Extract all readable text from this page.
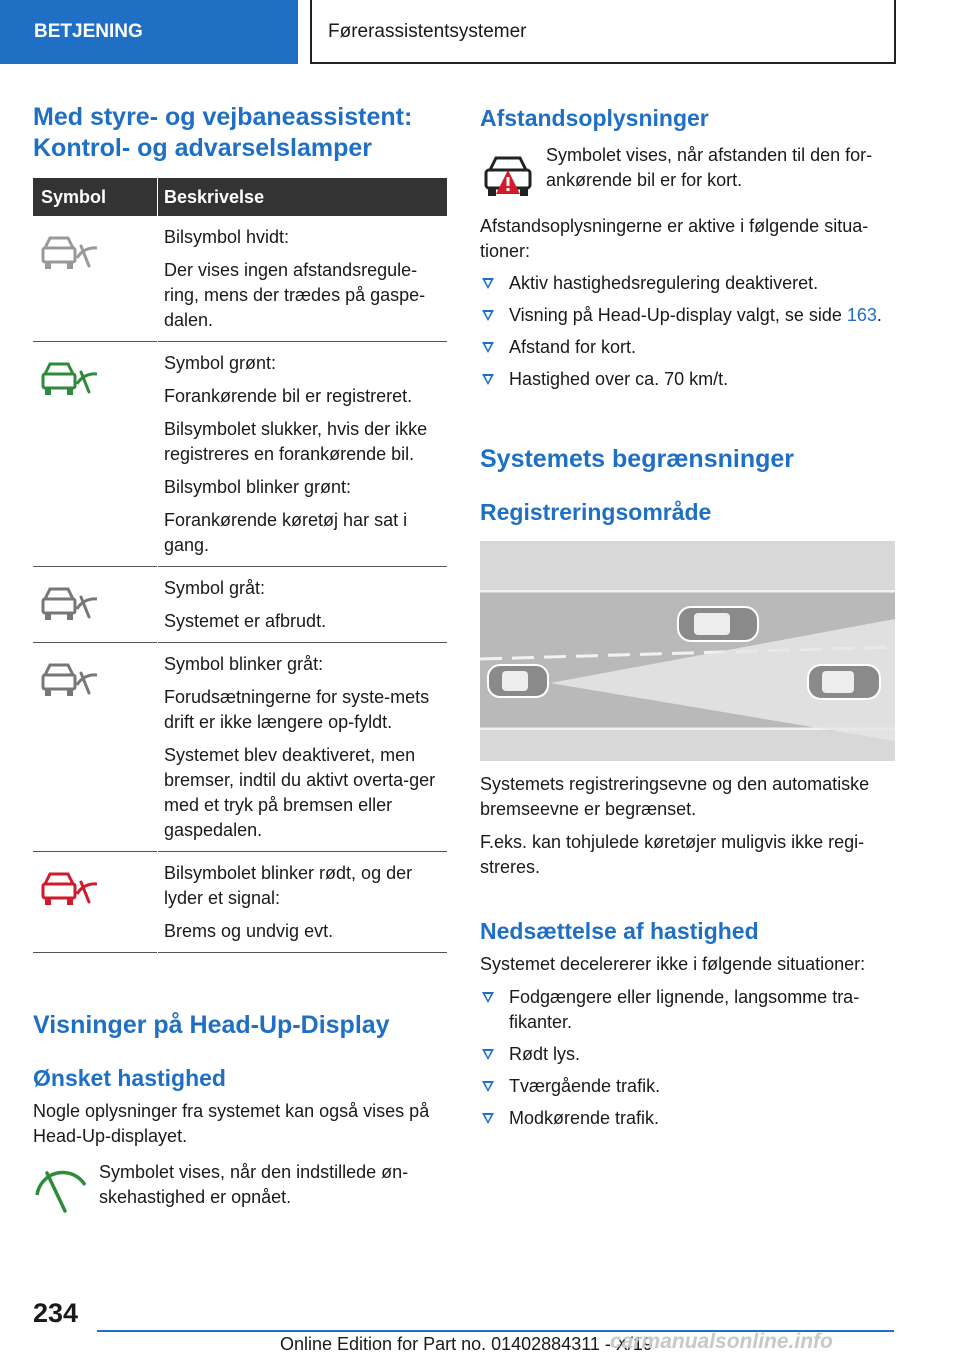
BETJENING	Førerassistentsystemer
Med styre- og vejbaneassistent:
Kontrol- og advarselslamper
Symbol	Beskrivelse

Bilsymbol hvidt:

Der vises ingen afstandsregule-ring, mens der trædes på gaspe-dalen.

Symbol grønt:

Forankørende bil er registreret.

Bilsymbolet slukker, hvis der ikke registreres en forankørende bil.

Bilsymbol blinker grønt:

Forankørende køretøj har sat i gang.

Symbol gråt:

Systemet er afbrudt.

Symbol blinker gråt:

Forudsætningerne for syste-mets drift er ikke længere op-fyldt.

Systemet blev deaktiveret, men bremser, indtil du aktivt overta-ger med et tryk på bremsen eller gaspedalen.

Bilsymbolet blinker rødt, og der lyder et signal:

Brems og undvig evt.

Visninger på Head-Up-Display
Ønsket hastighed
Nogle oplysninger fra systemet kan også vises på Head-Up-displayet.
Symbolet vises, når den indstillede øn-skehastighed er opnået.
Afstandsoplysninger
Symbolet vises, når afstanden til den for-ankørende bil er for kort.
Afstandsoplysningerne er aktive i følgende situa-tioner:
Aktiv hastighedsregulering deaktiveret.
Visning på Head-Up-display valgt, se side 163.
Afstand for kort.
Hastighed over ca. 70 km/t.
Systemets begrænsninger
Registreringsområde
Systemets registreringsevne og den automatiske bremseevne er begrænset.
F.eks. kan tohjulede køretøjer muligvis ikke regi-streres.
Nedsættelse af hastighed
Systemet decelererer ikke i følgende situationer:
Fodgængere eller lignende, langsomme tra-fikanter.
Rødt lys.
Tværgående trafik.
Modkørende trafik.
234
Online Edition for Part no. 01402884311 - X/19
carmanualsonline.info
